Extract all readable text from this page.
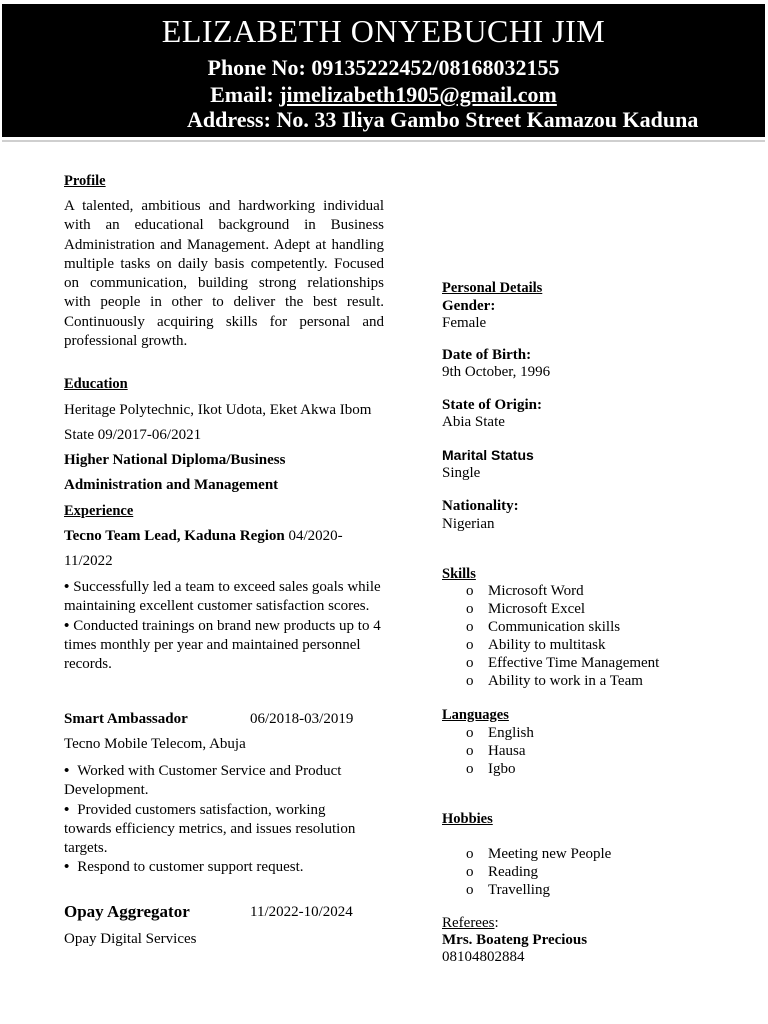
ELIZABETH ONYEBUCHI JIM
Phone No: 09135222452/08168032155
Email: jimelizabeth1905@gmail.com
Address: No. 33 Iliya Gambo Street Kamazou Kaduna
Profile
A talented, ambitious and hardworking individual with an educational background in Business Administration and Management. Adept at handling multiple tasks on daily basis competently. Focused on communication, building strong relationships with people in other to deliver the best result. Continuously acquiring skills for personal and professional growth.
Education
Heritage Polytechnic, Ikot Udota, Eket Akwa Ibom
State 09/2017-06/2021
Higher National Diploma/Business
Administration and Management
Experience
Tecno Team Lead, Kaduna Region 04/2020-
11/2022
• Successfully led a team to exceed sales goals while maintaining excellent customer satisfaction scores.
• Conducted trainings on brand new products up to 4 times monthly per year and maintained personnel records.
Smart Ambassador	06/2018-03/2019
Tecno Mobile Telecom, Abuja
• Worked with Customer Service and Product Development.
• Provided customers satisfaction, working towards efficiency metrics, and issues resolution targets.
• Respond to customer support request.
Opay Aggregator	11/2022-10/2024
Opay Digital Services
Personal Details
Gender:
Female
Date of Birth:
9th October, 1996
State of Origin:
Abia State
Marital Status
Single
Nationality:
Nigerian
Skills
o Microsoft Word
o Microsoft Excel
o Communication skills
o Ability to multitask
o Effective Time Management
o Ability to work in a Team
Languages
o English
o Hausa
o Igbo
Hobbies
o Meeting new People
o Reading
o Travelling
Referees:
Mrs. Boateng Precious
08104802884
